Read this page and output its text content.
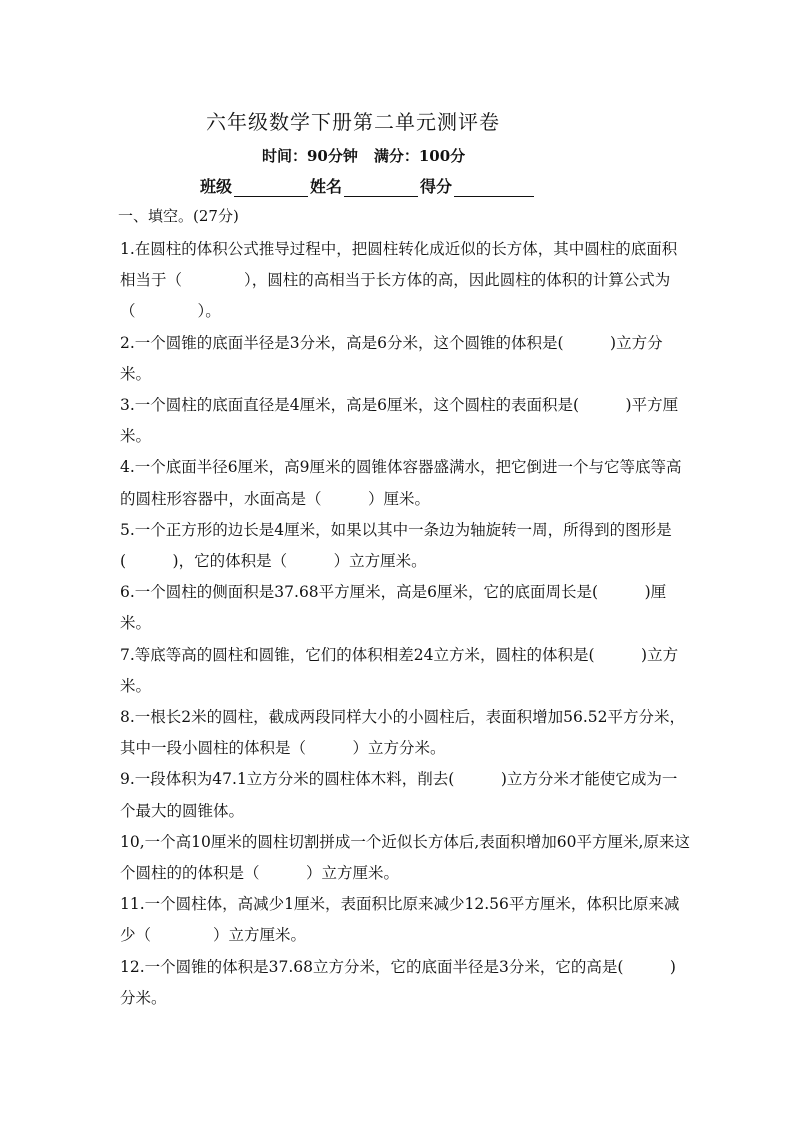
六年级数学下册第二单元测评卷
时间：90分钟 满分：100分
班级	姓名	得分
一、填空。(27分)

1.在圆柱的体积公式推导过程中，把圆柱转化成近似的长方体，其中圆柱的底面积相当于（　　　　），圆柱的高相当于长方体的高，因此圆柱的体积的计算公式为（　　　　）。

2.一个圆锥的底面半径是3分米，高是6分米，这个圆锥的体积是(　　　)立方分米。

3.一个圆柱的底面直径是4厘米，高是6厘米，这个圆柱的表面积是(　　　)平方厘米。

4.一个底面半径6厘米，高9厘米的圆锥体容器盛满水，把它倒进一个与它等底等高的圆柱形容器中，水面高是（　　　）厘米。

5.一个正方形的边长是4厘米，如果以其中一条边为轴旋转一周，所得到的图形是(　　　)，它的体积是（　　　）立方厘米。

6.一个圆柱的侧面积是37.68平方厘米，高是6厘米，它的底面周长是(　　　)厘米。

7.等底等高的圆柱和圆锥，它们的体积相差24立方米，圆柱的体积是(　　　)立方米。

8.一根长2米的圆柱，截成两段同样大小的小圆柱后，表面积增加56.52平方分米，其中一段小圆柱的体积是（　　　）立方分米。

9.一段体积为47.1立方分米的圆柱体木料，削去(　　　)立方分米才能使它成为一个最大的圆锥体。

10,一个高10厘米的圆柱切割拼成一个近似长方体后,表面积增加60平方厘米,原来这个圆柱的的体积是（　　　）立方厘米。

11.一个圆柱体，高减少1厘米，表面积比原来减少12.56平方厘米，体积比原来减少（　　　　）立方厘米。

12.一个圆锥的体积是37.68立方分米，它的底面半径是3分米，它的高是(　　　)分米。
